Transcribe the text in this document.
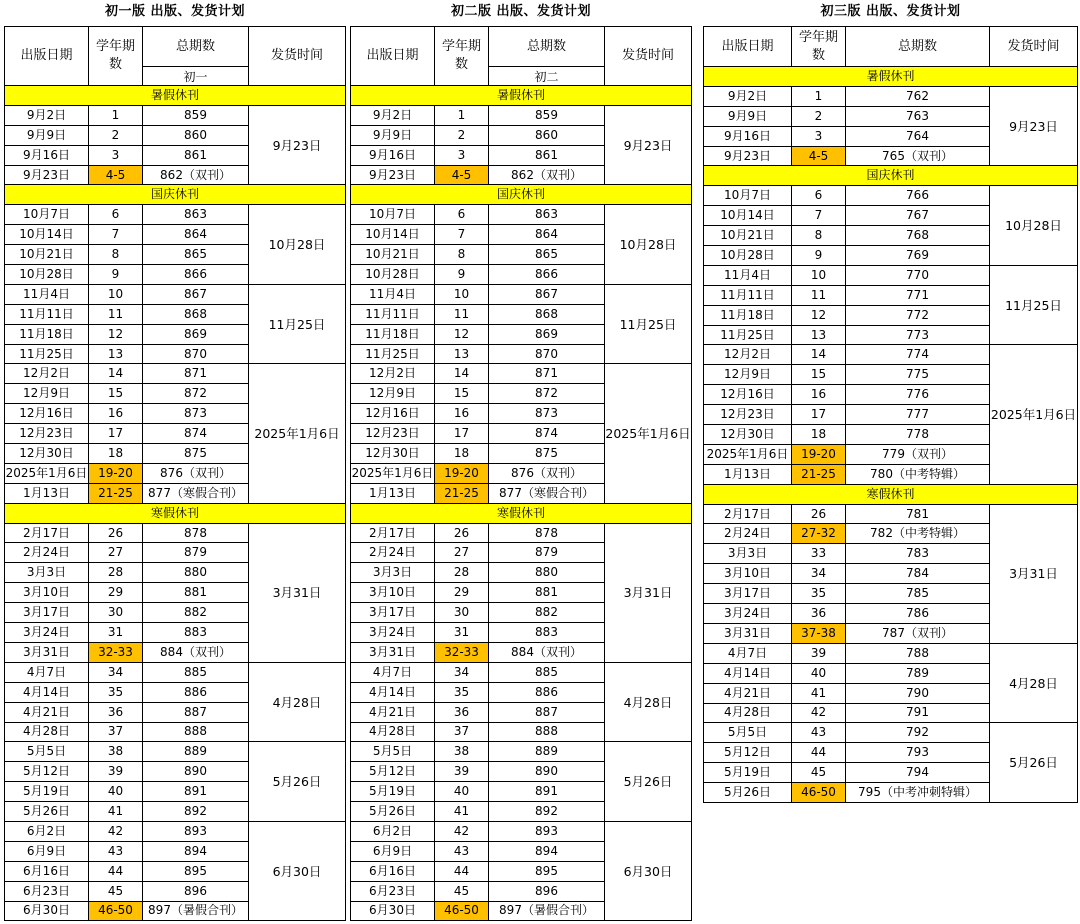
初一版 出版、发货计划
出版日期	学年期数	总期数	发货时间
		初一	
暑假休刊			
9月2日	1	859	9月23日
9月9日	2	860	
9月16日	3	861	
9月23日	4-5	862（双刊）	
国庆休刊			
10月7日	6	863	10月28日
10月14日	7	864	
10月21日	8	865	
10月28日	9	866	
11月4日	10	867	11月25日
11月11日	11	868	
11月18日	12	869	
11月25日	13	870	
12月2日	14	871	2025年1月6日
12月9日	15	872	
12月16日	16	873	
12月23日	17	874	
12月30日	18	875	
2025年1月6日	19-20	876（双刊）	
1月13日	21-25	877（寒假合刊）	
寒假休刊			
2月17日	26	878	3月31日
2月24日	27	879	
3月3日	28	880	
3月10日	29	881	
3月17日	30	882	
3月24日	31	883	
3月31日	32-33	884（双刊）	
4月7日	34	885	4月28日
4月14日	35	886	
4月21日	36	887	
4月28日	37	888	
5月5日	38	889	5月26日
5月12日	39	890	
5月19日	40	891	
5月26日	41	892	
6月2日	42	893	6月30日
6月9日	43	894	
6月16日	44	895	
6月23日	45	896	
6月30日	46-50	897（暑假合刊）	
初二版 出版、发货计划
出版日期	学年期数	总期数	发货时间
		初二	
暑假休刊			
9月2日	1	859	9月23日
9月9日	2	860	
9月16日	3	861	
9月23日	4-5	862（双刊）	
国庆休刊			
10月7日	6	863	10月28日
10月14日	7	864	
10月21日	8	865	
10月28日	9	866	
11月4日	10	867	11月25日
11月11日	11	868	
11月18日	12	869	
11月25日	13	870	
12月2日	14	871	2025年1月6日
12月9日	15	872	
12月16日	16	873	
12月23日	17	874	
12月30日	18	875	
2025年1月6日	19-20	876（双刊）	
1月13日	21-25	877（寒假合刊）	
寒假休刊			
2月17日	26	878	3月31日
2月24日	27	879	
3月3日	28	880	
3月10日	29	881	
3月17日	30	882	
3月24日	31	883	
3月31日	32-33	884（双刊）	
4月7日	34	885	4月28日
4月14日	35	886	
4月21日	36	887	
4月28日	37	888	
5月5日	38	889	5月26日
5月12日	39	890	
5月19日	40	891	
5月26日	41	892	
6月2日	42	893	6月30日
6月9日	43	894	
6月16日	44	895	
6月23日	45	896	
6月30日	46-50	897（暑假合刊）	
初三版 出版、发货计划
出版日期	学年期数	总期数	发货时间
暑假休刊			
9月2日	1	762	9月23日
9月9日	2	763	
9月16日	3	764	
9月23日	4-5	765（双刊）	
国庆休刊			
10月7日	6	766	10月28日
10月14日	7	767	
10月21日	8	768	
10月28日	9	769	
11月4日	10	770	11月25日
11月11日	11	771	
11月18日	12	772	
11月25日	13	773	
12月2日	14	774	2025年1月6日
12月9日	15	775	
12月16日	16	776	
12月23日	17	777	
12月30日	18	778	
2025年1月6日	19-20	779（双刊）	
1月13日	21-25	780（中考特辑）	
寒假休刊			
2月17日	26	781	3月31日
2月24日	27-32	782（中考特辑）	
3月3日	33	783	
3月10日	34	784	
3月17日	35	785	
3月24日	36	786	
3月31日	37-38	787（双刊）	
4月7日	39	788	4月28日
4月14日	40	789	
4月21日	41	790	
4月28日	42	791	
5月5日	43	792	5月26日
5月12日	44	793	
5月19日	45	794	
5月26日	46-50	795（中考冲刺特辑）	
